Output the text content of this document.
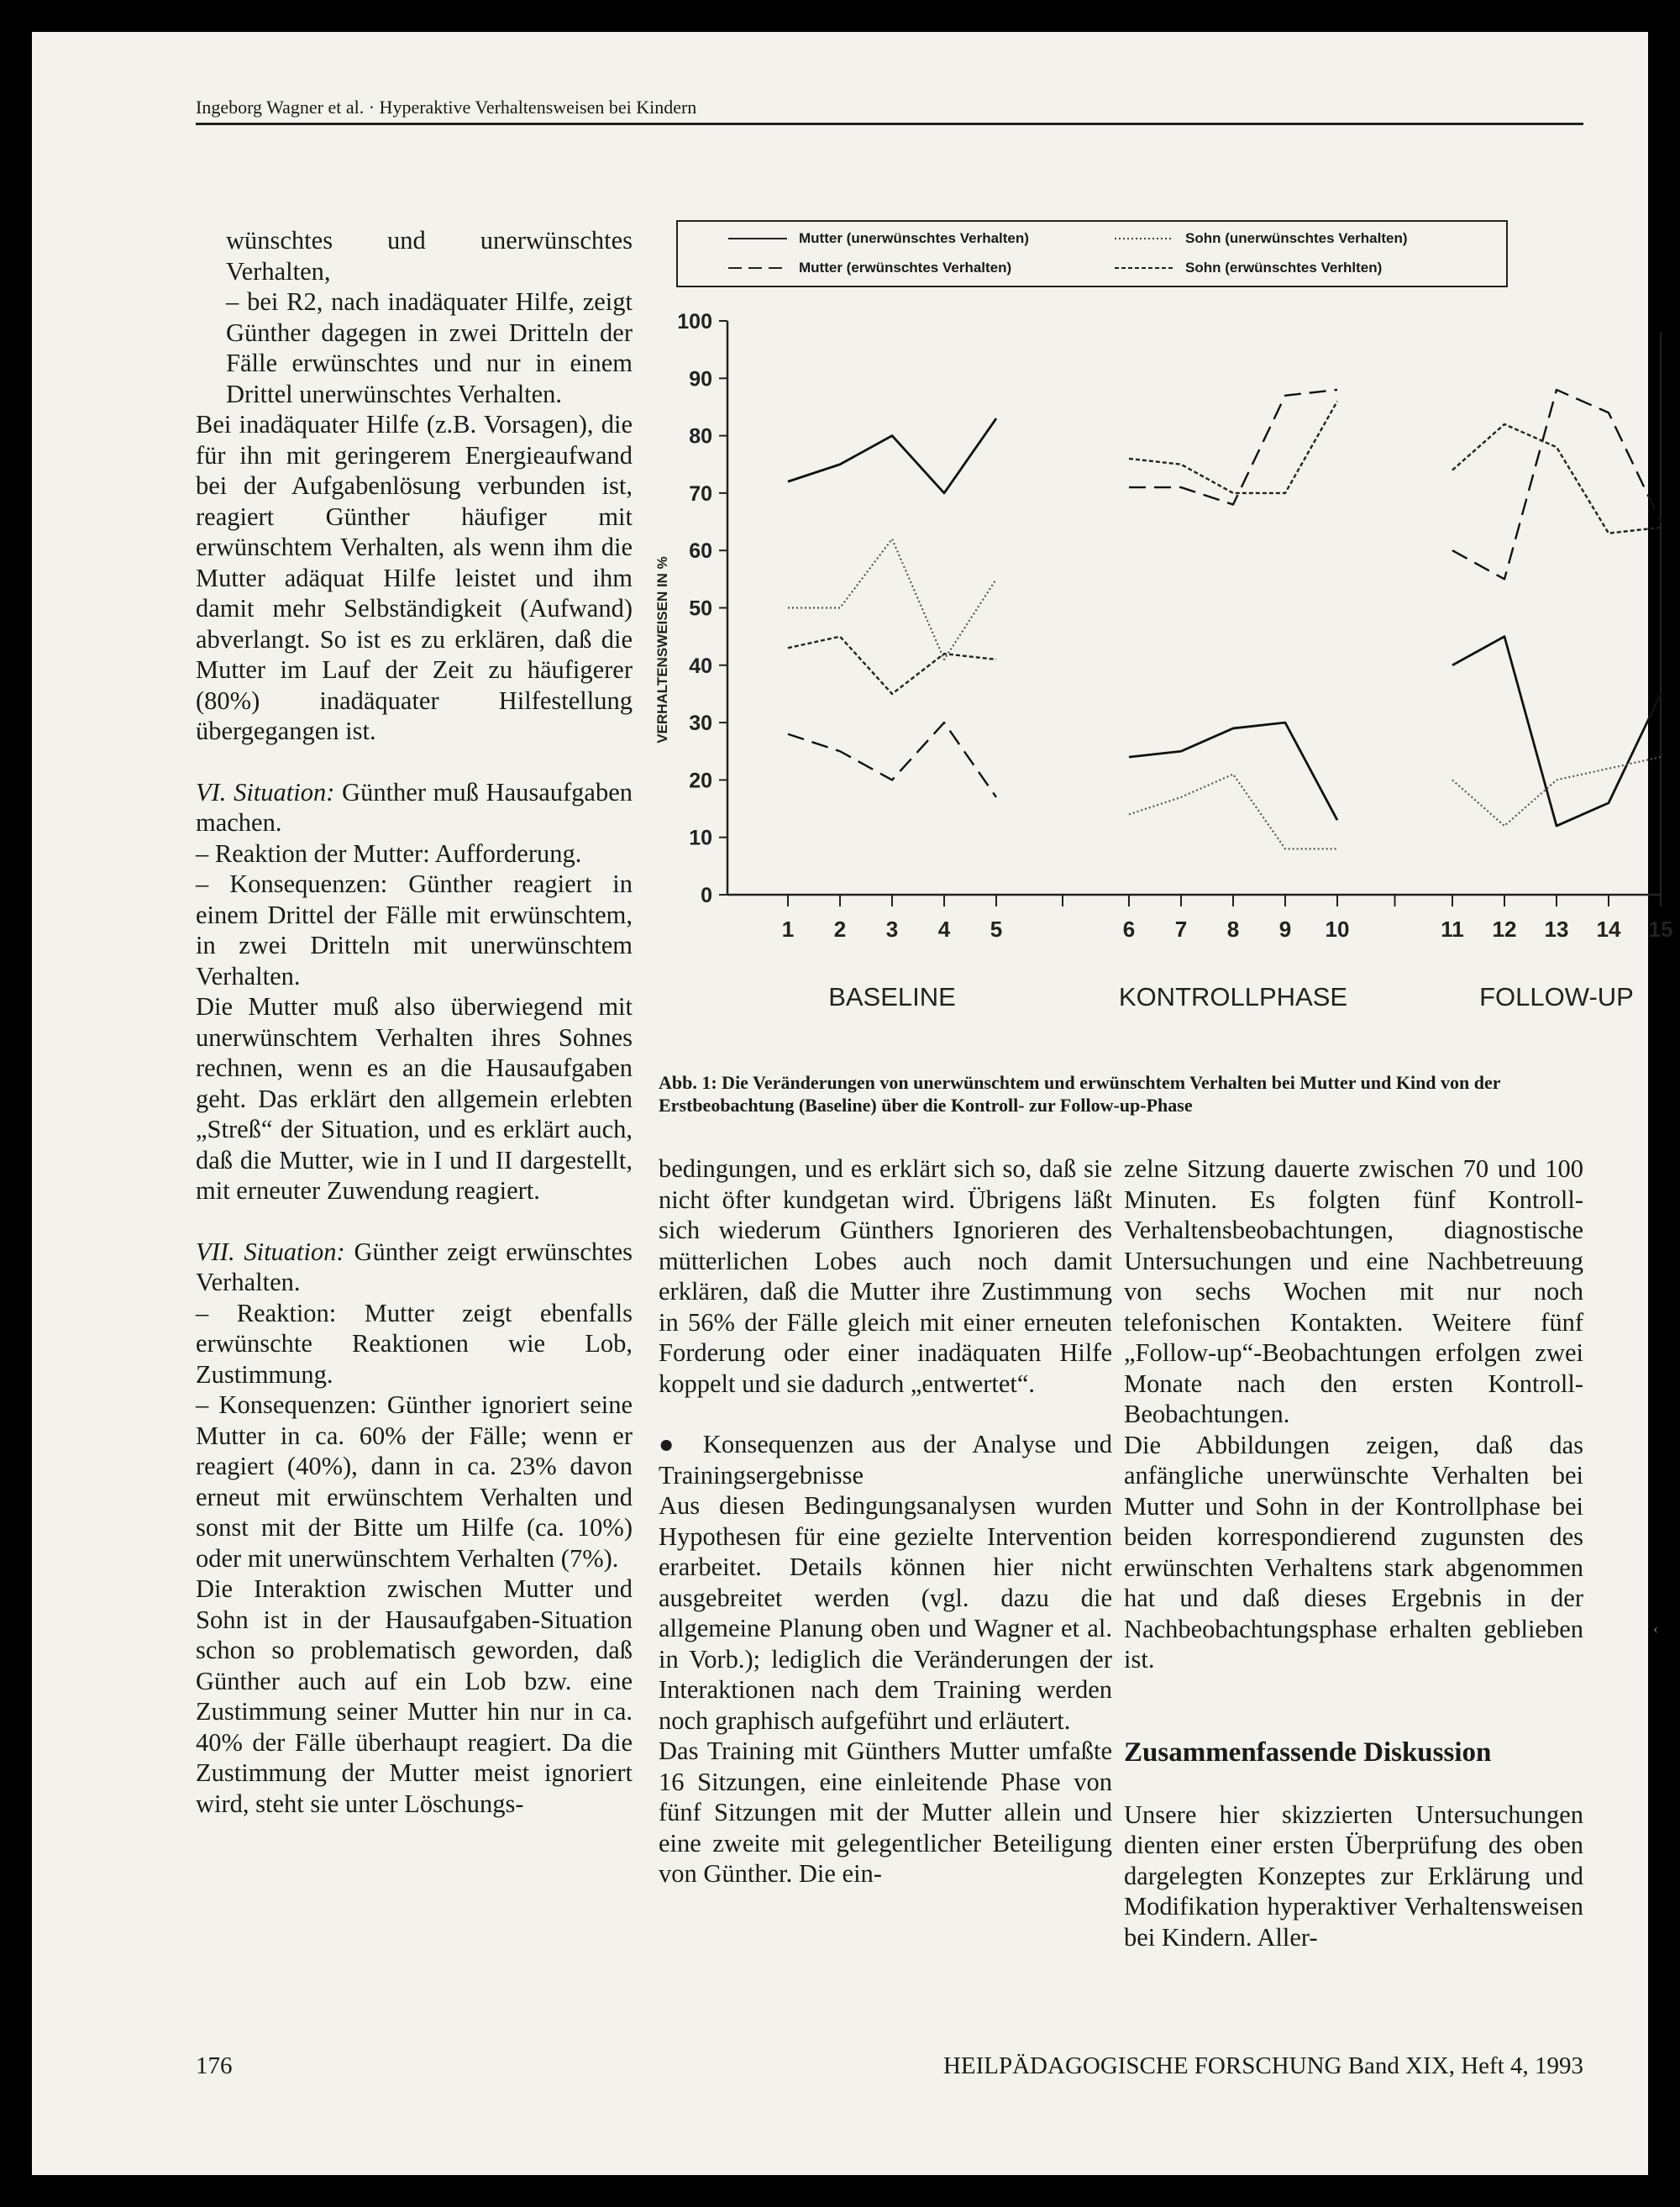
Ingeborg Wagner et al. · Hyperaktive Verhaltensweisen bei Kindern

wünschtes und unerwünschtes Verhalten,

– bei R2, nach inadäquater Hilfe, zeigt Günther dagegen in zwei Dritteln der Fälle erwünschtes und nur in einem Drittel unerwünschtes Verhalten.

Bei inadäquater Hilfe (z.B. Vorsagen), die für ihn mit geringerem Energieaufwand bei der Aufgabenlösung verbunden ist, reagiert Günther häufiger mit erwünschtem Verhalten, als wenn ihm die Mutter adäquat Hilfe leistet und ihm damit mehr Selbständigkeit (Aufwand) abverlangt. So ist es zu erklären, daß die Mutter im Lauf der Zeit zu häufigerer (80%) inadäquater Hilfestellung übergegangen ist.

VI. Situation: Günther muß Hausaufgaben machen.

– Reaktion der Mutter: Aufforderung.

– Konsequenzen: Günther reagiert in einem Drittel der Fälle mit erwünschtem, in zwei Dritteln mit unerwünschtem Verhalten.

Die Mutter muß also überwiegend mit unerwünschtem Verhalten ihres Sohnes rechnen, wenn es an die Hausaufgaben geht. Das erklärt den allgemein erlebten „Streß“ der Situation, und es erklärt auch, daß die Mutter, wie in I und II dargestellt, mit erneuter Zuwendung reagiert.

VII. Situation: Günther zeigt erwünschtes Verhalten.

– Reaktion: Mutter zeigt ebenfalls erwünschte Reaktionen wie Lob, Zustimmung.

– Konsequenzen: Günther ignoriert seine Mutter in ca. 60% der Fälle; wenn er reagiert (40%), dann in ca. 23% davon erneut mit erwünschtem Verhalten und sonst mit der Bitte um Hilfe (ca. 10%) oder mit unerwünschtem Verhalten (7%).

Die Interaktion zwischen Mutter und Sohn ist in der Hausaufgaben-Situation schon so problematisch geworden, daß Günther auch auf ein Lob bzw. eine Zustimmung seiner Mutter hin nur in ca. 40% der Fälle überhaupt reagiert. Da die Zustimmung der Mutter meist ignoriert wird, steht sie unter Löschungs-

bedingungen, und es erklärt sich so, daß sie nicht öfter kundgetan wird. Übrigens läßt sich wiederum Günthers Ignorieren des mütterlichen Lobes auch noch damit erklären, daß die Mutter ihre Zustimmung in 56% der Fälle gleich mit einer erneuten Forderung oder einer inadäquaten Hilfe koppelt und sie dadurch „entwertet“.

● Konsequenzen aus der Analyse und Trainingsergebnisse

Aus diesen Bedingungsanalysen wurden Hypothesen für eine gezielte Intervention erarbeitet. Details können hier nicht ausgebreitet werden (vgl. dazu die allgemeine Planung oben und Wagner et al. in Vorb.); lediglich die Veränderungen der Interaktionen nach dem Training werden noch graphisch aufgeführt und erläutert.

Das Training mit Günthers Mutter umfaßte 16 Sitzungen, eine einleitende Phase von fünf Sitzungen mit der Mutter allein und eine zweite mit gelegentlicher Beteiligung von Günther. Die ein-

zelne Sitzung dauerte zwischen 70 und 100 Minuten. Es folgten fünf Kontroll-Verhaltensbeobachtungen, diagnostische Untersuchungen und eine Nachbetreuung von sechs Wochen mit nur noch telefonischen Kontakten. Weitere fünf „Follow-up“-Beobachtungen erfolgen zwei Monate nach den ersten Kontroll-Beobachtungen.

Die Abbildungen zeigen, daß das anfängliche unerwünschte Verhalten bei Mutter und Sohn in der Kontrollphase bei beiden korrespondierend zugunsten des erwünschten Verhaltens stark abgenommen hat und daß dieses Ergebnis in der Nachbeobachtungsphase erhalten geblieben ist.

Zusammenfassende Diskussion

Unsere hier skizzierten Untersuchungen dienten einer ersten Überprüfung des oben dargelegten Konzeptes zur Erklärung und Modifikation hyperaktiver Verhaltensweisen bei Kindern. Aller-

Abb. 1: Die Veränderungen von unerwünschtem und erwünschtem Verhalten bei Mutter und Kind von der Erstbeobachtung (Baseline) über die Kontroll- zur Follow-up-Phase
176	HEILPÄDAGOGISCHE FORSCHUNG Band XIX, Heft 4, 1993
‹
Mutter (unerwünschtes Verhalten)
Mutter (erwünschtes Verhalten)
Sohn (unerwünschtes Verhalten)
Sohn (erwünschtes Verhlten)
0
10
20
30
40
50
60
70
80
90
100
1 2 3 4 5	6 7 8 9 10	11 12 13 14 15
BASELINE	KONTROLLPHASE	FOLLOW-UP
VERHALTENSWEISEN IN %
